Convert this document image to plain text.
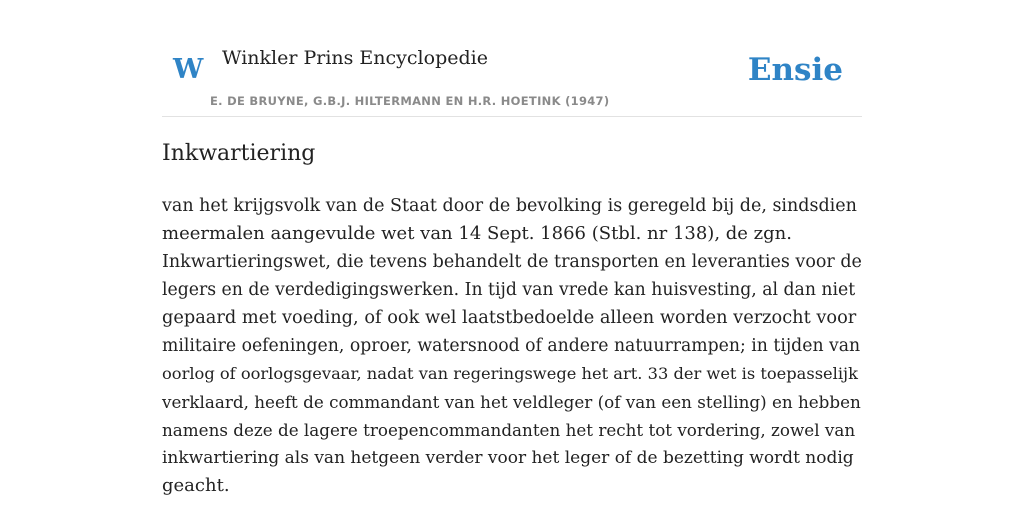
W Winkler Prins Encyclopedie
E. DE BRUYNE, G.B.J. HILTERMANN EN H.R. HOETINK (1947)
Ensie
Inkwartiering
van het krijgsvolk van de Staat door de bevolking is geregeld bij de, sindsdien
meermalen aangevulde wet van 14 Sept. 1866 (Stbl. nr 138), de zgn.
Inkwartieringswet, die tevens behandelt de transporten en leveranties voor de
legers en de verdedigingswerken. In tijd van vrede kan huisvesting, al dan niet
gepaard met voeding, of ook wel laatstbedoelde alleen worden verzocht voor
militaire oefeningen, oproer, watersnood of andere natuurrampen; in tijden van
oorlog of oorlogsgevaar, nadat van regeringswege het art. 33 der wet is toepasselijk
verklaard, heeft de commandant van het veldleger (of van een stelling) en hebben
namens deze de lagere troepencommandanten het recht tot vordering, zowel van
inkwartiering als van hetgeen verder voor het leger of de bezetting wordt nodig
geacht.
